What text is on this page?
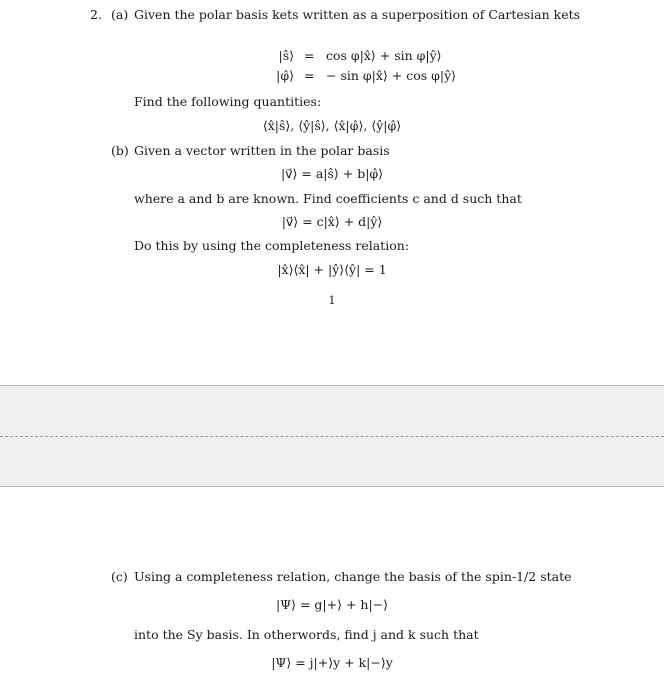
2. (a) Given the polar basis kets written as a superposition of Cartesian kets
|ŝ⟩ = cos φ|x̂⟩ + sin φ|ŷ⟩
|φ̂⟩ = − sin φ|x̂⟩ + cos φ|ŷ⟩
Find the following quantities:
⟨x̂|ŝ⟩, ⟨ŷ|ŝ⟩, ⟨x̂|φ̂⟩, ⟨ŷ|φ̂⟩
(b) Given a vector written in the polar basis
|v⃗⟩ = a|ŝ⟩ + b|φ̂⟩
where a and b are known. Find coefficients c and d such that
|v⃗⟩ = c|x̂⟩ + d|ŷ⟩
Do this by using the completeness relation:
|x̂⟩⟨x̂| + |ŷ⟩⟨ŷ| = 1
1
(c) Using a completeness relation, change the basis of the spin-1/2 state
|Ψ⟩ = g|+⟩ + h|−⟩
into the Sy basis. In otherwords, find j and k such that
|Ψ⟩ = j|+⟩y + k|−⟩y
